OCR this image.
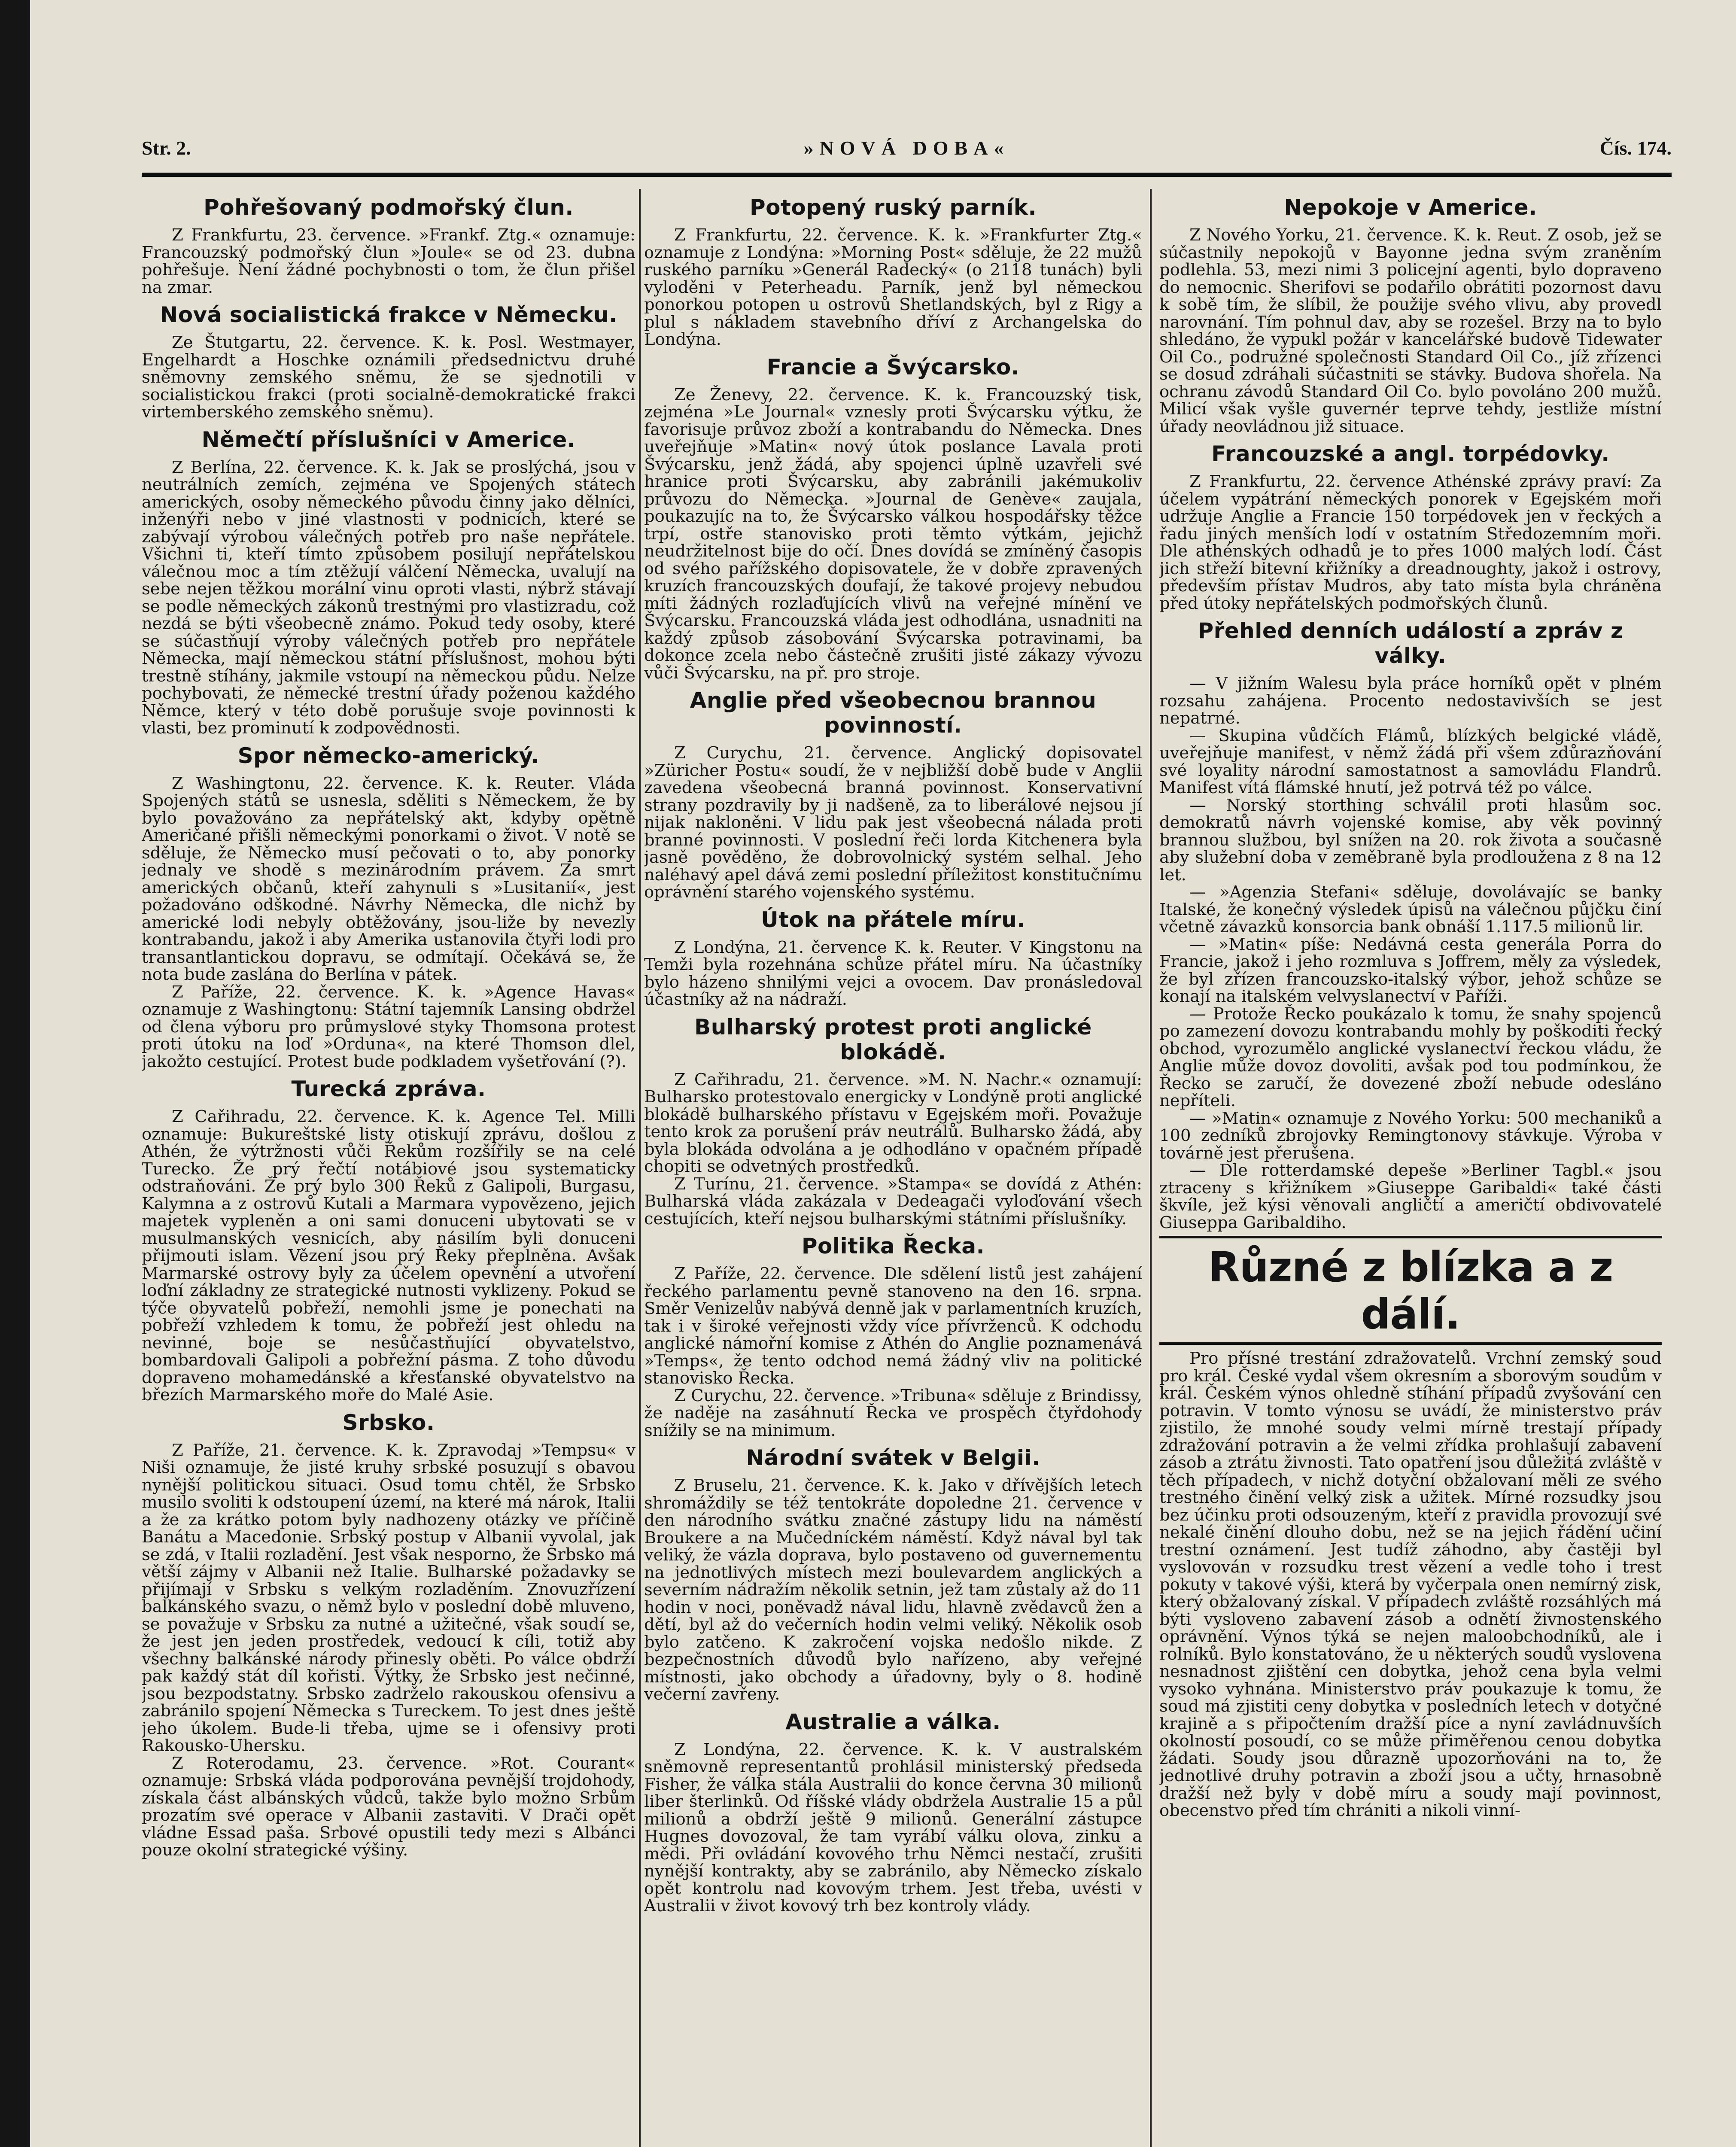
Str. 2.	»NOVÁ DOBA«	Čís. 174.
Pohřešovaný podmořský člun.

Z Frankfurtu, 23. července. »Frankf. Ztg.« oznamuje: Francouzský podmořský člun »Joule« se od 23. dubna pohřešuje. Není žádné pochybnosti o tom, že člun přišel na zmar.

Nová socialistická frakce v Německu.

Ze Štutgartu, 22. července. K. k. Posl. Westmayer, Engelhardt a Hoschke oznámili předsednictvu druhé sněmovny zemského sněmu, že se sjednotili v socialistickou frakci (proti socialně-demokratické frakci virtemberského zemského sněmu).

Němečtí příslušníci v Americe.

Z Berlína, 22. července. K. k. Jak se proslýchá, jsou v neutrálních zemích, zejména ve Spojených státech amerických, osoby německého původu činny jako dělníci, inženýři nebo v jiné vlastnosti v podnicích, které se zabývají výrobou válečných potřeb pro naše nepřátele. Všichni ti, kteří tímto způsobem posilují nepřátelskou válečnou moc a tím ztěžují válčení Německa, uvalují na sebe nejen těžkou morální vinu oproti vlasti, nýbrž stávají se podle německých zákonů trestnými pro vlastizradu, což nezdá se býti všeobecně známo. Pokud tedy osoby, které se súčastňují výroby válečných potřeb pro nepřátele Německa, mají německou státní příslušnost, mohou býti trestně stíhány, jakmile vstoupí na německou půdu. Nelze pochybovati, že německé trestní úřady poženou každého Němce, který v této době porušuje svoje povinnosti k vlasti, bez prominutí k zodpovědnosti.

Spor německo-americký.

Z Washingtonu, 22. července. K. k. Reuter. Vláda Spojených států se usnesla, sděliti s Německem, že by bylo považováno za nepřátelský akt, kdyby opětně Američané přišli německými ponorkami o život. V notě se sděluje, že Německo musí pečovati o to, aby ponorky jednaly ve shodě s mezinárodním právem. Za smrt amerických občanů, kteří zahynuli s »Lusitanií«, jest požadováno odškodné. Návrhy Německa, dle nichž by americké lodi nebyly obtěžovány, jsou-liže by nevezly kontrabandu, jakož i aby Amerika ustanovila čtyři lodi pro transantlantickou dopravu, se odmítají. Očekává se, že nota bude zaslána do Berlína v pátek.

Z Paříže, 22. července. K. k. »Agence Havas« oznamuje z Washingtonu: Státní tajemník Lansing obdržel od člena výboru pro průmyslové styky Thomsona protest proti útoku na loď »Orduna«, na které Thomson dlel, jakožto cestující. Protest bude podkladem vyšetřování (?).

Turecká zpráva.

Z Cařihradu, 22. července. K. k. Agence Tel. Milli oznamuje: Bukureštské listy otiskují zprávu, došlou z Athén, že výtržnosti vůči Řekům rozšířily se na celé Turecko. Že prý řečtí notábiové jsou systematicky odstraňováni. Že prý bylo 300 Řeků z Galipoli, Burgasu, Kalymna a z ostrovů Kutali a Marmara vypovězeno, jejich majetek vypleněn a oni sami donuceni ubytovati se v musulmanských vesnicích, aby násilím byli donuceni přijmouti islam. Vězení jsou prý Řeky přeplněna. Avšak Marmarské ostrovy byly za účelem opevnění a utvoření loďní základny ze strategické nutnosti vyklizeny. Pokud se týče obyvatelů pobřeží, nemohli jsme je ponechati na pobřeží vzhledem k tomu, že pobřeží jest ohledu na nevinné, boje se nesůčastňující obyvatelstvo, bombardovali Galipoli a pobřežní pásma. Z toho důvodu dopraveno mohamedánské a křesťanské obyvatelstvo na březích Marmarského moře do Malé Asie.

Srbsko.

Z Paříže, 21. července. K. k. Zpravodaj »Tempsu« v Niši oznamuje, že jisté kruhy srbské posuzují s obavou nynější politickou situaci. Osud tomu chtěl, že Srbsko musilo svoliti k odstoupení území, na které má nárok, Italii a že za krátko potom byly nadhozeny otázky ve příčině Banátu a Macedonie. Srbský postup v Albanii vyvolal, jak se zdá, v Italii rozladění. Jest však nesporno, že Srbsko má větší zájmy v Albanii než Italie. Bulharské požadavky se přijímají v Srbsku s velkým rozladěním. Znovuzřízení balkánského svazu, o němž bylo v poslední době mluveno, se považuje v Srbsku za nutné a užitečné, však soudí se, že jest jen jeden prostředek, vedoucí k cíli, totiž aby všechny balkánské národy přinesly oběti. Po válce obdrží pak každý stát díl kořisti. Výtky, že Srbsko jest nečinné, jsou bezpodstatny. Srbsko zadrželo rakouskou ofensivu a zabránilo spojení Německa s Tureckem. To jest dnes ještě jeho úkolem. Bude-li třeba, ujme se i ofensivy proti Rakousko-Uhersku.

Z Roterodamu, 23. července. »Rot. Courant« oznamuje: Srbská vláda podporována pevnější trojdohody, získala část albánských vůdců, takže bylo možno Srbům prozatím své operace v Albanii zastaviti. V Drači opět vládne Essad paša. Srbové opustili tedy mezi s Albánci pouze okolní strategické výšiny.

Potopený ruský parník.

Z Frankfurtu, 22. července. K. k. »Frankfurter Ztg.« oznamuje z Londýna: »Morning Post« sděluje, že 22 mužů ruského parníku »Generál Radecký« (o 2118 tunách) byli vyloděni v Peterheadu. Parník, jenž byl německou ponorkou potopen u ostrovů Shetlandských, byl z Rigy a plul s nákladem stavebního dříví z Archangelska do Londýna.

Francie a Švýcarsko.

Ze Ženevy, 22. července. K. k. Francouzský tisk, zejména »Le Journal« vznesly proti Švýcarsku výtku, že favorisuje průvoz zboží a kontrabandu do Německa. Dnes uveřejňuje »Matin« nový útok poslance Lavala proti Švýcarsku, jenž žádá, aby spojenci úplně uzavřeli své hranice proti Švýcarsku, aby zabránili jakémukoliv průvozu do Německa. »Journal de Genève« zaujala, poukazujíc na to, že Švýcarsko válkou hospodářsky těžce trpí, ostře stanovisko proti těmto výtkám, jejichž neudržitelnost bije do očí. Dnes dovídá se zmíněný časopis od svého pařížského dopisovatele, že v dobře zpravených kruzích francouzských doufají, že takové projevy nebudou míti žádných rozlaďujících vlivů na veřejné mínění ve Švýcarsku. Francouzská vláda jest odhodlána, usnadniti na každý způsob zásobování Švýcarska potravinami, ba dokonce zcela nebo částečně zrušiti jisté zákazy vývozu vůči Švýcarsku, na př. pro stroje.

Anglie před všeobecnou brannou povinností.

Z Curychu, 21. července. Anglický dopisovatel »Züricher Postu« soudí, že v nejbližší době bude v Anglii zavedena všeobecná branná povinnost. Konservativní strany pozdravily by ji nadšeně, za to liberálové nejsou jí nijak nakloněni. V lidu pak jest všeobecná nálada proti branné povinnosti. V poslední řeči lorda Kitchenera byla jasně pověděno, že dobrovolnický systém selhal. Jeho naléhavý apel dává zemi poslední příležitost konstitučnímu oprávnění starého vojenského systému.

Útok na přátele míru.

Z Londýna, 21. července K. k. Reuter. V Kingstonu na Temži byla rozehnána schůze přátel míru. Na účastníky bylo házeno shnilými vejci a ovocem. Dav pronásledoval účastníky až na nádraží.

Bulharský protest proti anglické blokádě.

Z Cařihradu, 21. července. »M. N. Nachr.« oznamují: Bulharsko protestovalo energicky v Londýně proti anglické blokádě bulharského přístavu v Egejském moři. Považuje tento krok za porušení práv neutrálů. Bulharsko žádá, aby byla blokáda odvolána a je odhodláno v opačném případě chopiti se odvetných prostředků.

Z Turínu, 21. července. »Stampa« se dovídá z Athén: Bulharská vláda zakázala v Dedeagači vyloďování všech cestujících, kteří nejsou bulharskými státními příslušníky.

Politika Řecka.

Z Paříže, 22. července. Dle sdělení listů jest zahájení řeckého parlamentu pevně stanoveno na den 16. srpna. Směr Venizelův nabývá denně jak v parlamentních kruzích, tak i v široké veřejnosti vždy více přívrženců. K odchodu anglické námořní komise z Athén do Anglie poznamenává »Temps«, že tento odchod nemá žádný vliv na politické stanovisko Řecka.

Z Curychu, 22. července. »Tribuna« sděluje z Brindissy, že naděje na zasáhnutí Řecka ve prospěch čtyřdohody snížily se na minimum.

Národní svátek v Belgii.

Z Bruselu, 21. července. K. k. Jako v dřívějších letech shromáždily se též tentokráte dopoledne 21. července v den národního svátku značné zástupy lidu na náměstí Broukere a na Mučedníckém náměstí. Když nával byl tak veliký, že vázla doprava, bylo postaveno od guvernementu na jednotlivých místech mezi boulevardem anglických a severním nádražím několik setnin, jež tam zůstaly až do 11 hodin v noci, poněvadž nával lidu, hlavně zvědavců žen a dětí, byl až do večerních hodin velmi veliký. Několik osob bylo zatčeno. K zakročení vojska nedošlo nikde. Z bezpečnostních důvodů bylo nařízeno, aby veřejné místnosti, jako obchody a úřadovny, byly o 8. hodině večerní zavřeny.

Australie a válka.

Z Londýna, 22. července. K. k. V australském sněmovně representantů prohlásil ministerský předseda Fisher, že válka stála Australii do konce června 30 milionů liber šterlinků. Od říšské vlády obdržela Australie 15 a půl milionů a obdrží ještě 9 milionů. Generální zástupce Hugnes dovozoval, že tam vyrábí válku olova, zinku a mědi. Při ovládání kovového trhu Němci nestačí, zrušiti nynější kontrakty, aby se zabránilo, aby Německo získalo opět kontrolu nad kovovým trhem. Jest třeba, uvésti v Australii v život kovový trh bez kontroly vlády.

Nepokoje v Americe.

Z Nového Yorku, 21. července. K. k. Reut. Z osob, jež se súčastnily nepokojů v Bayonne jedna svým zraněním podlehla. 53, mezi nimi 3 policejní agenti, bylo dopraveno do nemocnic. Sherifovi se podařilo obrátiti pozornost davu k sobě tím, že slíbil, že použije svého vlivu, aby provedl narovnání. Tím pohnul dav, aby se rozešel. Brzy na to bylo shledáno, že vypukl požár v kancelářské budově Tidewater Oil Co., podružné společnosti Standard Oil Co., jíž zřízenci se dosud zdráhali súčastniti se stávky. Budova shořela. Na ochranu závodů Standard Oil Co. bylo povoláno 200 mužů. Milicí však vyšle guvernér teprve tehdy, jestliže místní úřady neovládnou již situace.

Francouzské a angl. torpédovky.

Z Frankfurtu, 22. července Athénské zprávy praví: Za účelem vypátrání německých ponorek v Egejském moři udržuje Anglie a Francie 150 torpédovek jen v řeckých a řadu jiných menších lodí v ostatním Středozemním moři. Dle athénských odhadů je to přes 1000 malých lodí. Část jich střeží bitevní křižníky a dreadnoughty, jakož i ostrovy, především přístav Mudros, aby tato místa byla chráněna před útoky nepřátelských podmořských člunů.

Přehled denních událostí a zpráv z války.

— V jižním Walesu byla práce horníků opět v plném rozsahu zahájena. Procento nedostavivších se jest nepatrné.

— Skupina vůdčích Flámů, blízkých belgické vládě, uveřejňuje manifest, v němž žádá při všem zdůrazňování své loyality národní samostatnost a samovládu Flandrů. Manifest vítá flámské hnutí, jež potrvá též po válce.

— Norský storthing schválil proti hlasům soc. demokratů návrh vojenské komise, aby věk povinný brannou službou, byl snížen na 20. rok života a současně aby služební doba v zeměbraně byla prodloužena z 8 na 12 let.

— »Agenzia Stefani« sděluje, dovolávajíc se banky Italské, že konečný výsledek úpisů na válečnou půjčku činí včetně závazků konsorcia bank obnáší 1.117.5 milionů lir.

— »Matin« píše: Nedávná cesta generála Porra do Francie, jakož i jeho rozmluva s Joffrem, měly za výsledek, že byl zřízen francouzsko-italský výbor, jehož schůze se konají na italském velvyslanectví v Paříži.

— Protože Řecko poukázalo k tomu, že snahy spojenců po zamezení dovozu kontrabandu mohly by poškoditi řecký obchod, vyrozumělo anglické vyslanectví řeckou vládu, že Anglie může dovoz dovoliti, avšak pod tou podmínkou, že Řecko se zaručí, že dovezené zboží nebude odesláno nepříteli.

— »Matin« oznamuje z Nového Yorku: 500 mechaniků a 100 zedníků zbrojovky Remingtonovy stávkuje. Výroba v továrně jest přerušena.

— Dle rotterdamské depeše »Berliner Tagbl.« jsou ztraceny s křižníkem »Giuseppe Garibaldi« také části škvíle, jež kýsi věnovali angličtí a američtí obdivovatelé Giuseppa Garibaldiho.

Různé z blízka a z dálí.

Pro přísné trestání zdražovatelů. Vrchní zemský soud pro král. České vydal všem okresním a sborovým soudům v král. Českém výnos ohledně stíhání případů zvyšování cen potravin. V tomto výnosu se uvádí, že ministerstvo práv zjistilo, že mnohé soudy velmi mírně trestají případy zdražování potravin a že velmi zřídka prohlašují zabavení zásob a ztrátu živnosti. Tato opatření jsou důležitá zvláště v těch případech, v nichž dotyční obžalovaní měli ze svého trestného činění velký zisk a užitek. Mírné rozsudky jsou bez účinku proti odsouzeným, kteří z pravidla provozují své nekalé činění dlouho dobu, než se na jejich řádění učiní trestní oznámení. Jest tudíž záhodno, aby častěji byl vyslovován v rozsudku trest vězení a vedle toho i trest pokuty v takové výši, která by vyčerpala onen nemírný zisk, který obžalovaný získal. V případech zvláště rozsáhlých má býti vysloveno zabavení zásob a odnětí živnostenského oprávnění. Výnos týká se nejen maloobchodníků, ale i rolníků. Bylo konstatováno, že u některých soudů vyslovena nesnadnost zjištění cen dobytka, jehož cena byla velmi vysoko vyhnána. Ministerstvo práv poukazuje k tomu, že soud má zjistiti ceny dobytka v posledních letech v dotyčné krajině a s připočtením dražší píce a nyní zavládnuvších okolností posoudí, co se může přiměřenou cenou dobytka žádati. Soudy jsou důrazně upozorňováni na to, že jednotlivé druhy potravin a zboží jsou a učty, hrnasobně dražší než byly v době míru a soudy mají povinnost, obecenstvo před tím chrániti a nikoli vinní-
